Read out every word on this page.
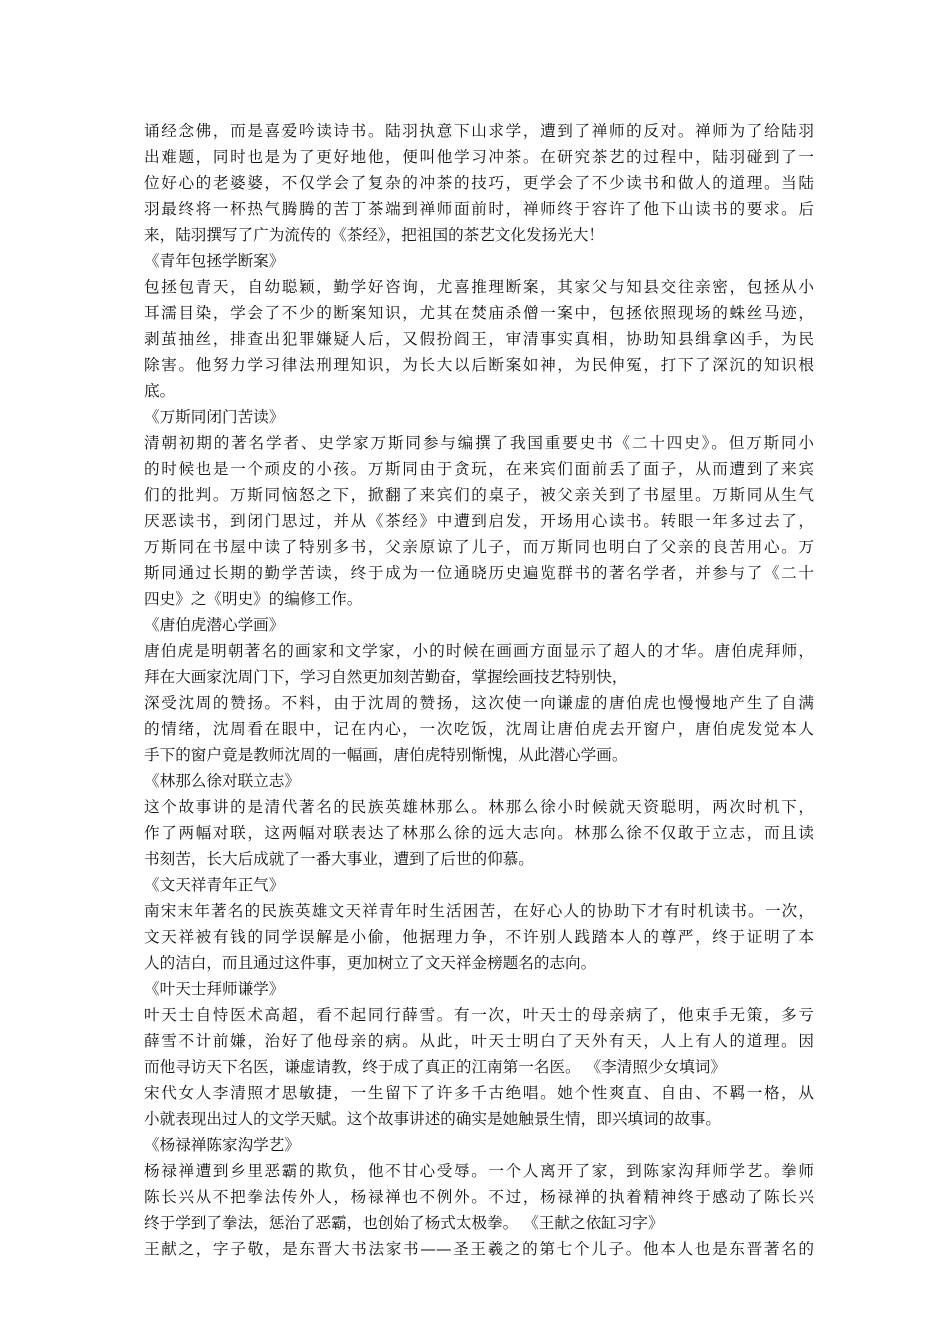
诵经念佛，而是喜爱吟读诗书。陆羽执意下山求学，遭到了禅师的反对。禅师为了给陆羽
出难题，同时也是为了更好地他，便叫他学习冲茶。在研究茶艺的过程中，陆羽碰到了一
位好心的老婆婆，不仅学会了复杂的冲茶的技巧，更学会了不少读书和做人的道理。当陆
羽最终将一杯热气腾腾的苦丁茶端到禅师面前时，禅师终于容许了他下山读书的要求。后
来，陆羽撰写了广为流传的《茶经》，把祖国的茶艺文化发扬光大！
《青年包拯学断案》
包拯包青天，自幼聪颖，勤学好咨询，尤喜推理断案，其家父与知县交往亲密，包拯从小
耳濡目染，学会了不少的断案知识，尤其在焚庙杀僧一案中，包拯依照现场的蛛丝马迹，
剥茧抽丝，排查出犯罪嫌疑人后，又假扮阎王，审清事实真相，协助知县缉拿凶手，为民
除害。他努力学习律法刑理知识，为长大以后断案如神，为民伸冤，打下了深沉的知识根
底。
《万斯同闭门苦读》
清朝初期的著名学者、史学家万斯同参与编撰了我国重要史书《二十四史》。但万斯同小
的时候也是一个顽皮的小孩。万斯同由于贪玩，在来宾们面前丢了面子，从而遭到了来宾
们的批判。万斯同恼怒之下，掀翻了来宾们的桌子，被父亲关到了书屋里。万斯同从生气
厌恶读书，到闭门思过，并从《茶经》中遭到启发，开场用心读书。转眼一年多过去了，
万斯同在书屋中读了特别多书，父亲原谅了儿子，而万斯同也明白了父亲的良苦用心。万
斯同通过长期的勤学苦读，终于成为一位通晓历史遍览群书的著名学者，并参与了《二十
四史》之《明史》的编修工作。
《唐伯虎潜心学画》
唐伯虎是明朝著名的画家和文学家，小的时候在画画方面显示了超人的才华。唐伯虎拜师，
拜在大画家沈周门下，学习自然更加刻苦勤奋，掌握绘画技艺特别快，
深受沈周的赞扬。不料，由于沈周的赞扬，这次使一向谦虚的唐伯虎也慢慢地产生了自满
的情绪，沈周看在眼中，记在内心，一次吃饭，沈周让唐伯虎去开窗户，唐伯虎发觉本人
手下的窗户竟是教师沈周的一幅画，唐伯虎特别惭愧，从此潜心学画。
《林那么徐对联立志》
这个故事讲的是清代著名的民族英雄林那么。林那么徐小时候就天资聪明，两次时机下，
作了两幅对联，这两幅对联表达了林那么徐的远大志向。林那么徐不仅敢于立志，而且读
书刻苦，长大后成就了一番大事业，遭到了后世的仰慕。
《文天祥青年正气》
南宋末年著名的民族英雄文天祥青年时生活困苦，在好心人的协助下才有时机读书。一次，
文天祥被有钱的同学误解是小偷，他据理力争，不许别人践踏本人的尊严，终于证明了本
人的洁白，而且通过这件事，更加树立了文天祥金榜题名的志向。
《叶天士拜师谦学》
叶天士自恃医术高超，看不起同行薛雪。有一次，叶天士的母亲病了，他束手无策，多亏
薛雪不计前嫌，治好了他母亲的病。从此，叶天士明白了天外有天，人上有人的道理。因
而他寻访天下名医，谦虚请教，终于成了真正的江南第一名医。 《李清照少女填词》
宋代女人李清照才思敏捷，一生留下了许多千古绝唱。她个性爽直、自由、不羁一格，从
小就表现出过人的文学天赋。这个故事讲述的确实是她触景生情，即兴填词的故事。
《杨禄禅陈家沟学艺》
杨禄禅遭到乡里恶霸的欺负，他不甘心受辱。一个人离开了家，到陈家沟拜师学艺。拳师
陈长兴从不把拳法传外人，杨禄禅也不例外。不过，杨禄禅的执着精神终于感动了陈长兴
终于学到了拳法，惩治了恶霸，也创始了杨式太极拳。 《王献之依缸习字》
王献之，字子敬，是东晋大书法家书——圣王羲之的第七个儿子。他本人也是东晋著名的
